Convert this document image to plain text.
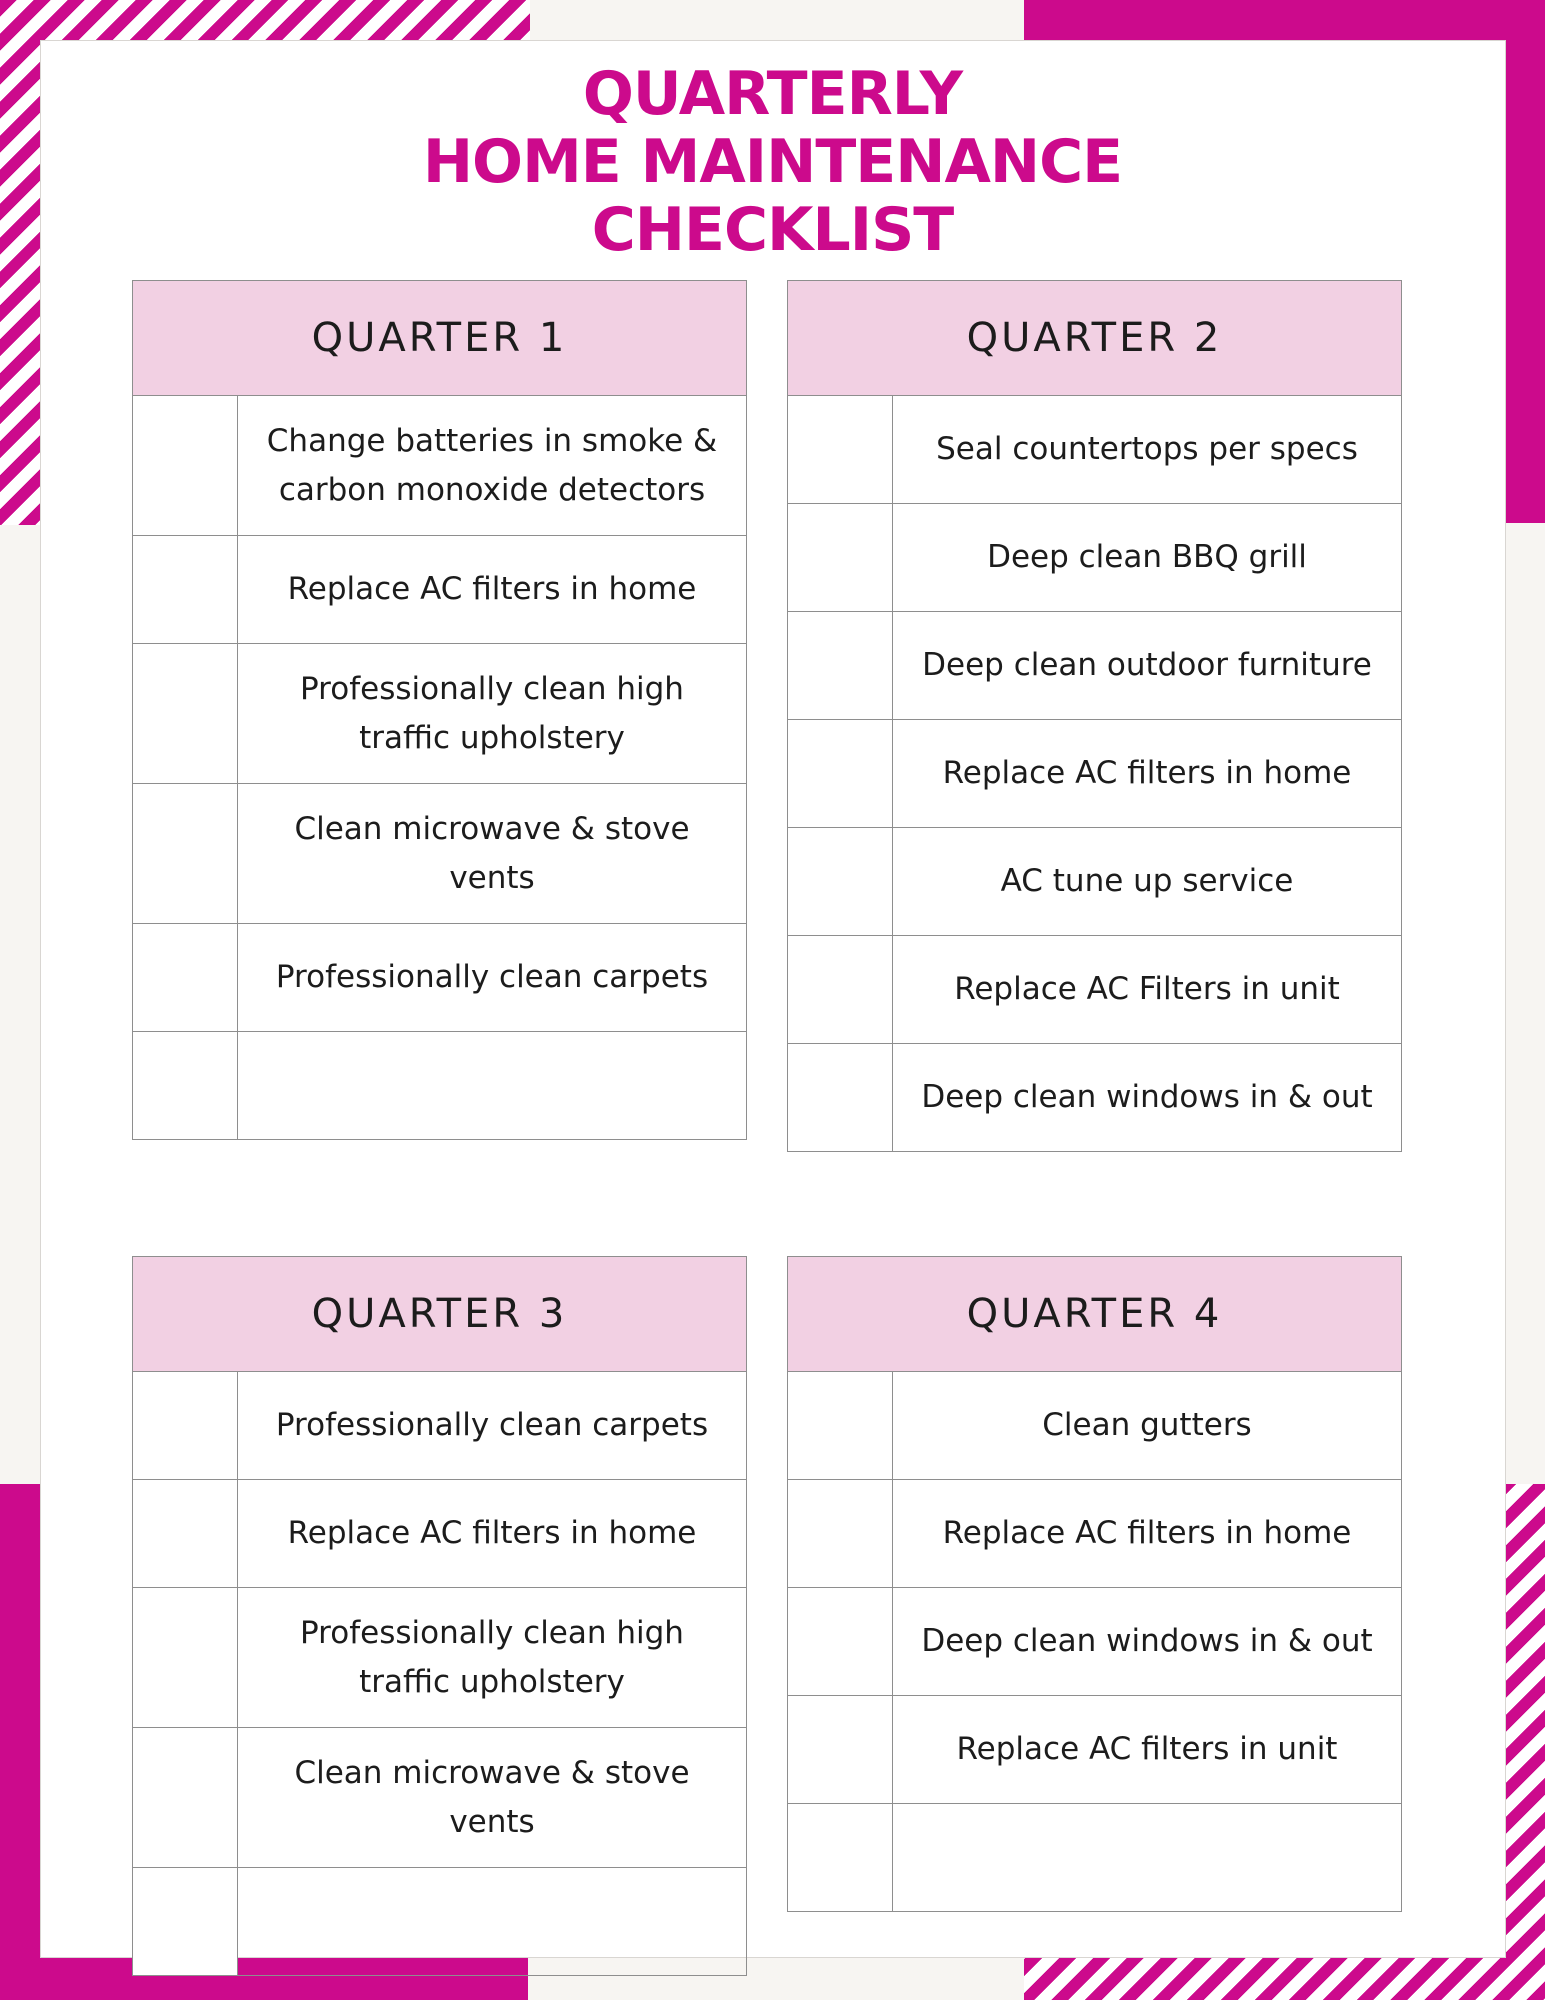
QUARTERLY
HOME MAINTENANCE
CHECKLIST
QUARTER 1
Change batteries in smoke & carbon monoxide detectors
Replace AC filters in home
Professionally clean high traffic upholstery
Clean microwave & stove vents
Professionally clean carpets
QUARTER 2
Seal countertops per specs
Deep clean BBQ grill
Deep clean outdoor furniture
Replace AC filters in home
AC tune up service
Replace AC Filters in unit
Deep clean windows in & out
QUARTER 3
Professionally clean carpets
Replace AC filters in home
Professionally clean high traffic upholstery
Clean microwave & stove vents
QUARTER 4
Clean gutters
Replace AC filters in home
Deep clean windows in & out
Replace AC filters in unit
